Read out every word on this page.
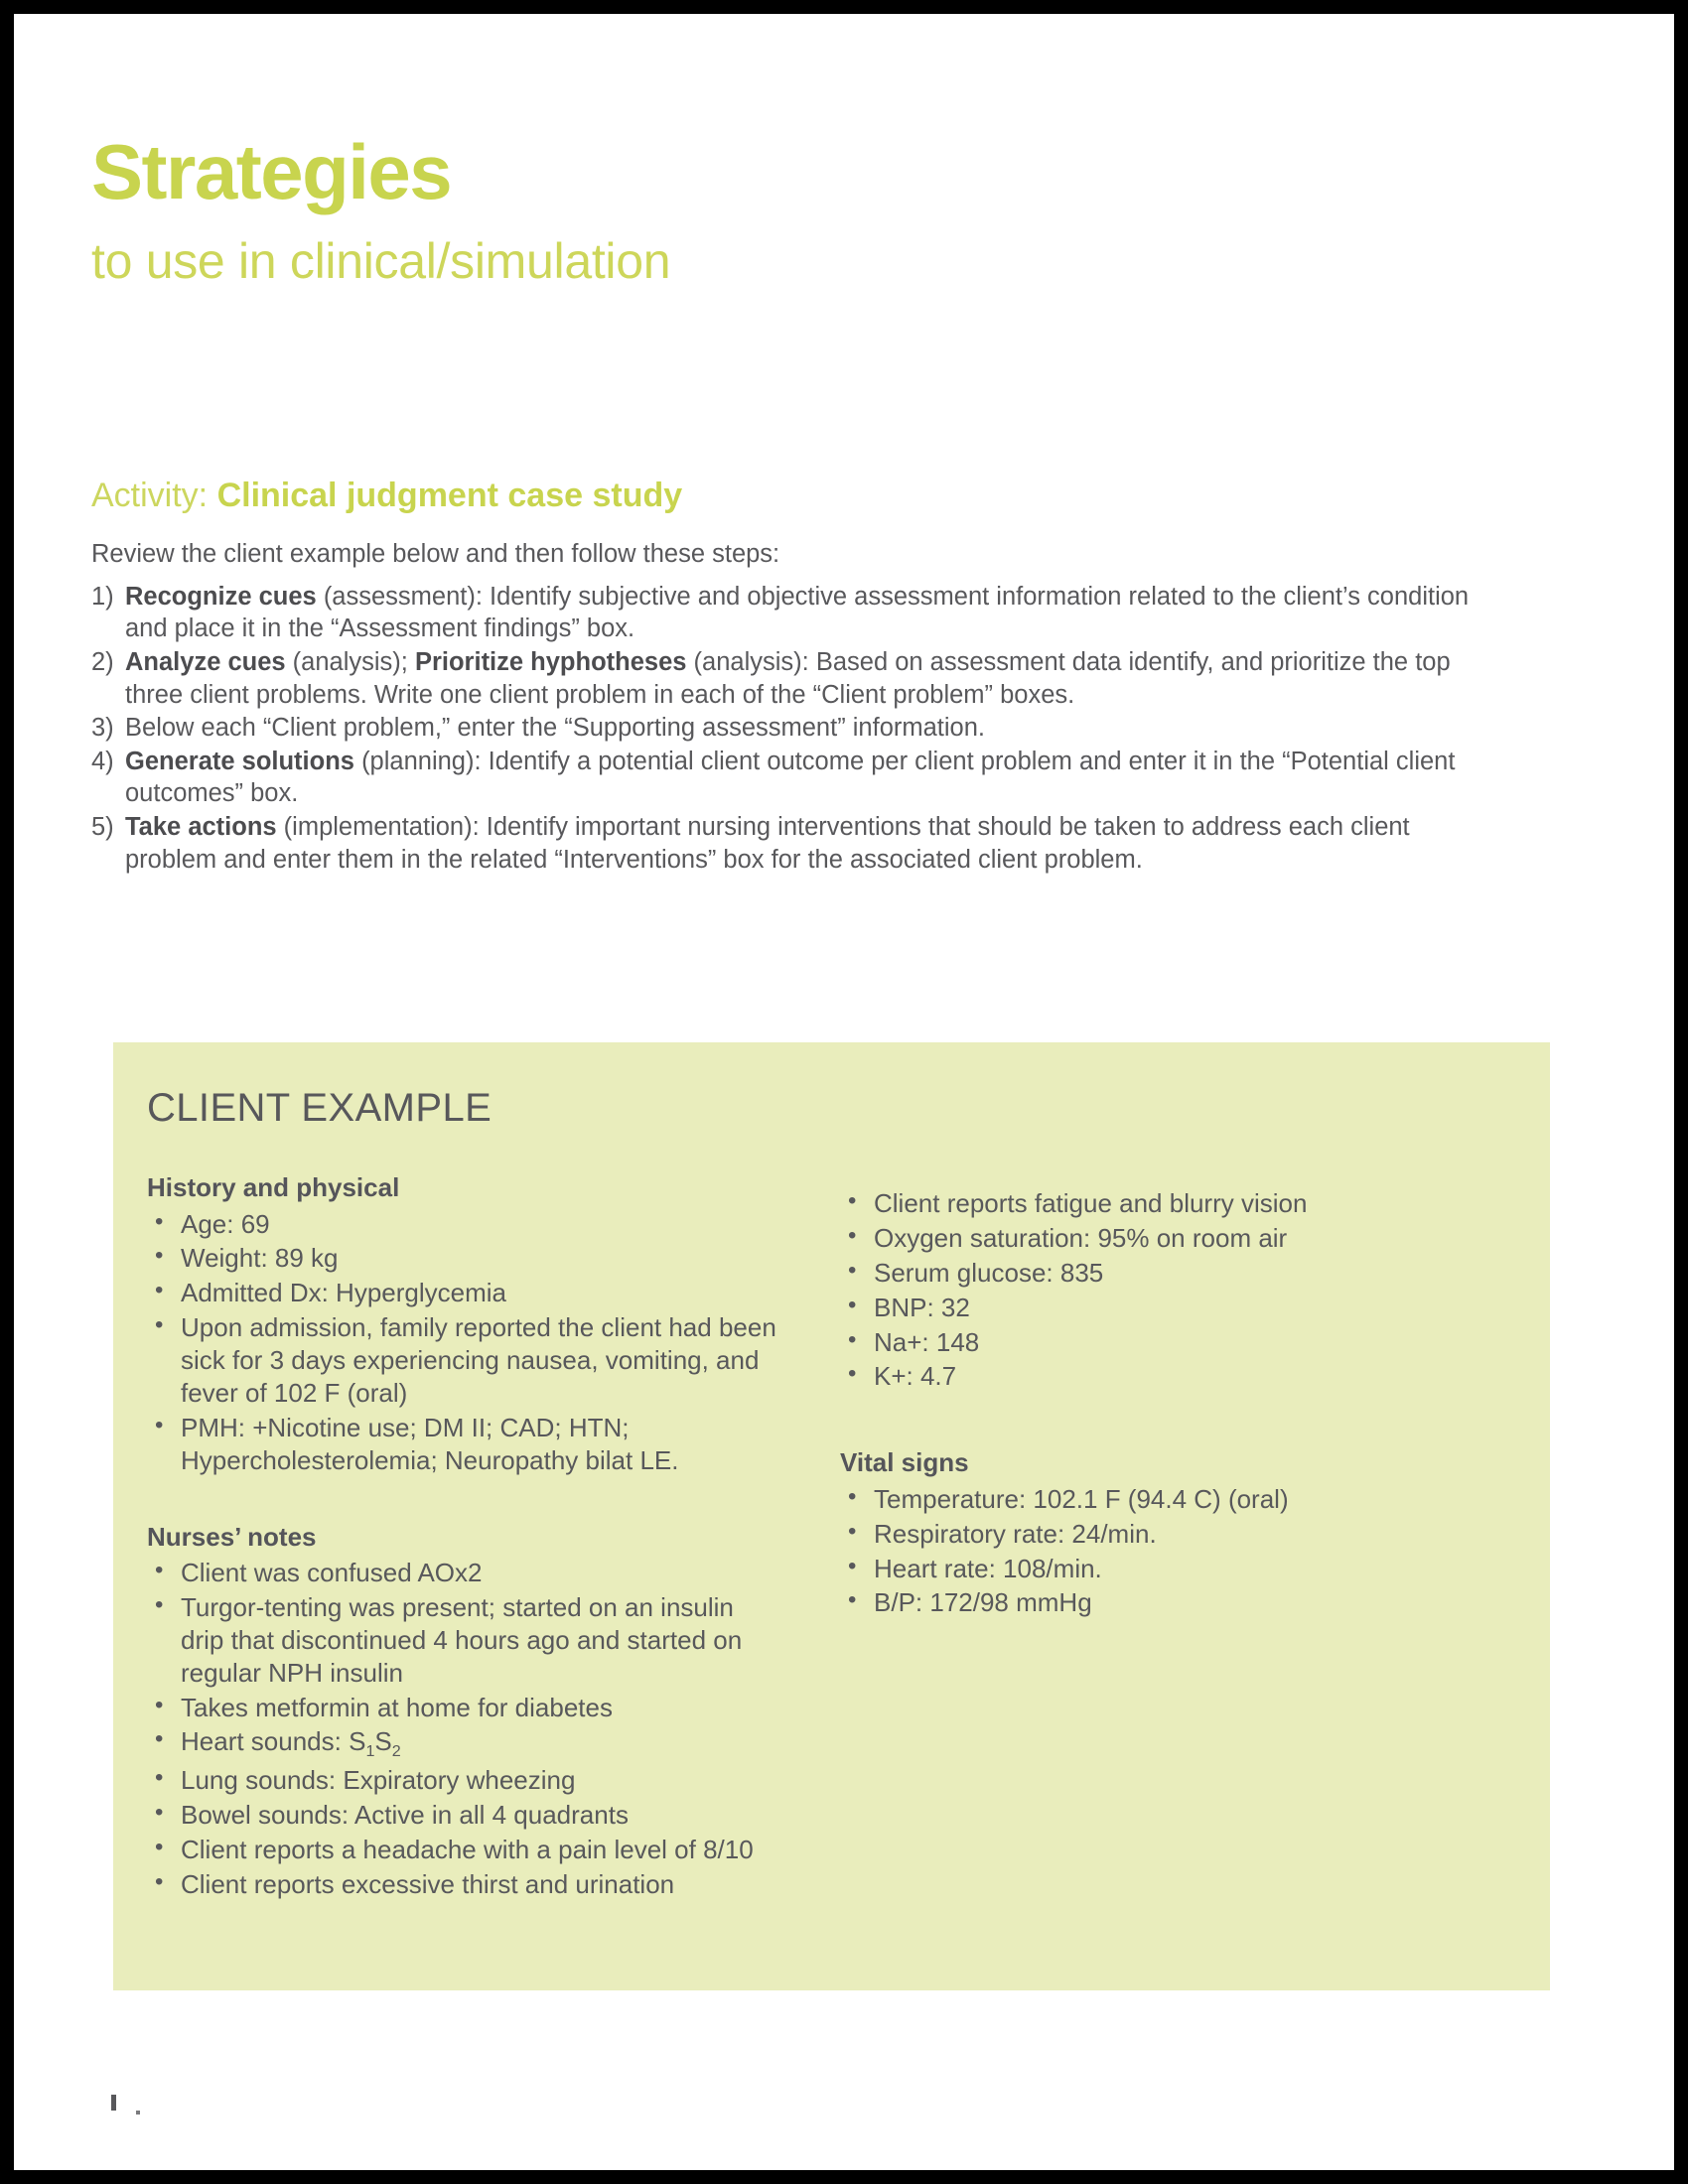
Strategies
to use in clinical/simulation
Activity: Clinical judgment case study

Review the client example below and then follow these steps:

1) Recognize cues (assessment): Identify subjective and objective assessment information related to the client’s condition and place it in the “Assessment findings” box.
2) Analyze cues (analysis); Prioritize hyphotheses (analysis): Based on assessment data identify, and prioritize the top three client problems. Write one client problem in each of the “Client problem” boxes.
3) Below each “Client problem,” enter the “Supporting assessment” information.
4) Generate solutions (planning): Identify a potential client outcome per client problem and enter it in the “Potential client outcomes” box.
5) Take actions (implementation): Identify important nursing interventions that should be taken to address each client problem and enter them in the related “Interventions” box for the associated client problem.
CLIENT EXAMPLE
History and physical
• Age: 69
• Weight: 89 kg
• Admitted Dx: Hyperglycemia
• Upon admission, family reported the client had been sick for 3 days experiencing nausea, vomiting, and fever of 102 F (oral)
• PMH: +Nicotine use; DM II; CAD; HTN; Hypercholesterolemia; Neuropathy bilat LE.
Nurses’ notes
• Client was confused AOx2
• Turgor-tenting was present; started on an insulin drip that discontinued 4 hours ago and started on regular NPH insulin
• Takes metformin at home for diabetes
• Heart sounds: $S_1S_2$
• Lung sounds: Expiratory wheezing
• Bowel sounds: Active in all 4 quadrants
• Client reports a headache with a pain level of 8/10
• Client reports excessive thirst and urination
• Client reports fatigue and blurry vision
• Oxygen saturation: 95% on room air
• Serum glucose: 835
• BNP: 32
• Na+: 148
• K+: 4.7
Vital signs
• Temperature: 102.1 F (94.4 C) (oral)
• Respiratory rate: 24/min.
• Heart rate: 108/min.
• B/P: 172/98 mmHg
